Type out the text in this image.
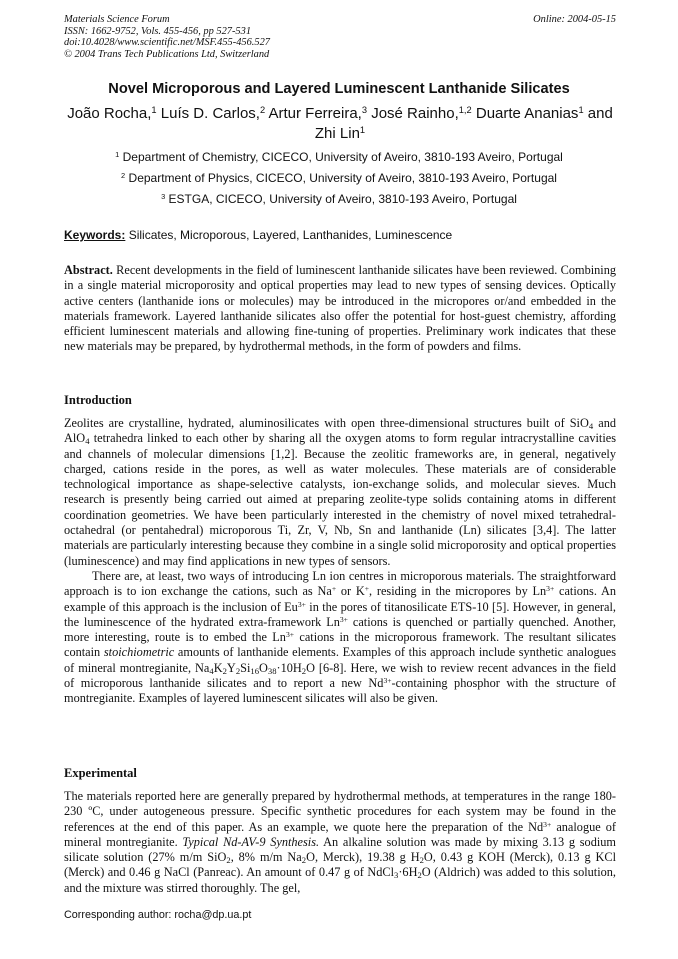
Materials Science Forum
ISSN: 1662-9752, Vols. 455-456, pp 527-531
doi:10.4028/www.scientific.net/MSF.455-456.527
© 2004 Trans Tech Publications Ltd, Switzerland
Online: 2004-05-15
Novel Microporous and Layered Luminescent Lanthanide Silicates
João Rocha,$^1$ Luís D. Carlos,$^2$ Artur Ferreira,$^3$ José Rainho,$^{1,2}$ Duarte Ananias$^1$ and Zhi Lin$^1$
$^1$ Department of Chemistry, CICECO, University of Aveiro, 3810-193 Aveiro, Portugal
$^2$ Department of Physics, CICECO, University of Aveiro, 3810-193 Aveiro, Portugal
$^3$ ESTGA, CICECO, University of Aveiro, 3810-193 Aveiro, Portugal
Keywords: Silicates, Microporous, Layered, Lanthanides, Luminescence

Abstract. Recent developments in the field of luminescent lanthanide silicates have been reviewed. Combining in a single material microporosity and optical properties may lead to new types of sensing devices. Optically active centers (lanthanide ions or molecules) may be introduced in the micropores or/and embedded in the materials framework. Layered lanthanide silicates also offer the potential for host-guest chemistry, affording efficient luminescent materials and allowing fine-tuning of properties. Preliminary work indicates that these new materials may be prepared, by hydrothermal methods, in the form of powders and films.

Introduction

Zeolites are crystalline, hydrated, aluminosilicates with open three-dimensional structures built of SiO$_4$ and AlO$_4$ tetrahedra linked to each other by sharing all the oxygen atoms to form regular intracrystalline cavities and channels of molecular dimensions [1,2]. Because the zeolitic frameworks are, in general, negatively charged, cations reside in the pores, as well as water molecules. These materials are of considerable technological importance as shape-selective catalysts, ion-exchange solids, and molecular sieves. Much research is presently being carried out aimed at preparing zeolite-type solids containing atoms in different coordination geometries. We have been particularly interested in the chemistry of novel mixed tetrahedral-octahedral (or pentahedral) microporous Ti, Zr, V, Nb, Sn and lanthanide (Ln) silicates [3,4]. The latter materials are particularly interesting because they combine in a single solid microporosity and optical properties (luminescence) and may find applications in new types of sensors.

There are, at least, two ways of introducing Ln ion centres in microporous materials. The straightforward approach is to ion exchange the cations, such as Na+ or K+, residing in the micropores by $Ln^{3+}$ cations. An example of this approach is the inclusion of $Eu^{3+}$ in the pores of titanosilicate ETS-10 [5]. However, in general, the luminescence of the hydrated extra-framework $Ln^{3+}$ cations is quenched or partially quenched. Another, more interesting, route is to embed the $Ln^{3+}$ cations in the microporous framework. The resultant silicates contain stoichiometric amounts of lanthanide elements. Examples of this approach include synthetic analogues of mineral montregianite, $Na_4K_2Y_2Si_{16}O_{38}\cdot 10H_2O$ [6-8]. Here, we wish to review recent advances in the field of microporous lanthanide silicates and to report a new $Nd^{3+}$-containing phosphor with the structure of montregianite. Examples of layered luminescent silicates will also be given.

Experimental

The materials reported here are generally prepared by hydrothermal methods, at temperatures in the range 180-230 ºC, under autogeneous pressure. Specific synthetic procedures for each system may be found in the references at the end of this paper. As an example, we quote here the preparation of the $Nd^{3+}$ analogue of mineral montregianite. Typical Nd-AV-9 Synthesis. An alkaline solution was made by mixing 3.13 g sodium silicate solution (27% m/m SiO$_2$, 8% m/m $Na_2O$, Merck), 19.38 g $H_2O$, 0.43 g KOH (Merck), 0.13 g KCl (Merck) and 0.46 g NaCl (Panreac). An amount of 0.47 g of $NdCl_3\cdot 6H_2O$ (Aldrich) was added to this solution, and the mixture was stirred thoroughly. The gel,

Corresponding author: rocha@dp.ua.pt
